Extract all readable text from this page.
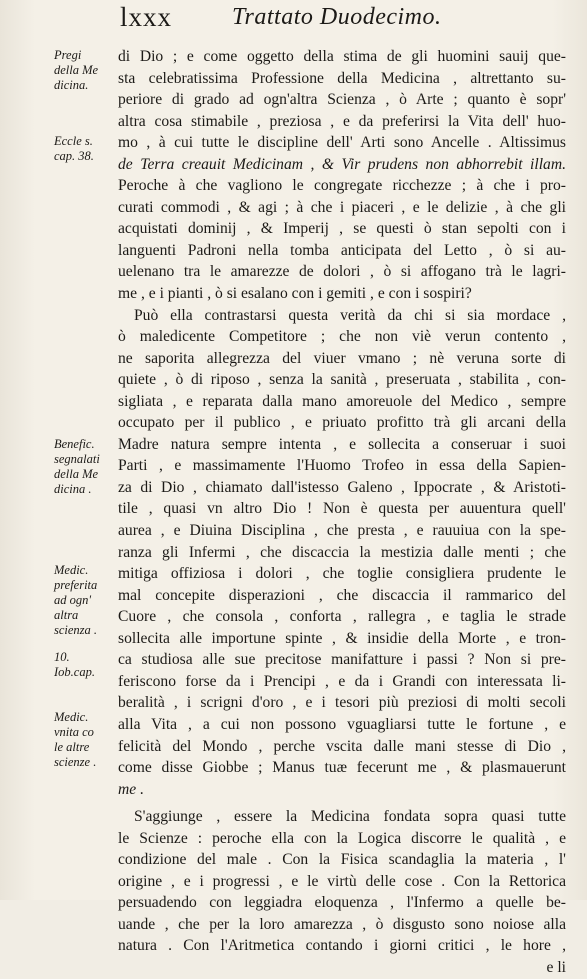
lxxx Trattato Duodecimo.
Pregi
della Me
dicina.
Eccle s.
cap. 38.
Benefic.
segnalati
della Me
dicina .
Medic.
preferita
ad ogn'
altra
scienza .
10.
Iob.cap.
Medic.
vnita co
le altre
scienze .
di Dio ; e come oggetto della stima de gli huomini sauij que-
sta celebratissima Professione della Medicina , altrettanto su-
periore di grado ad ogn'altra Scienza , ò Arte ; quanto è sopr'
altra cosa stimabile , preziosa , e da preferirsi la Vita dell' huo-
mo , à cui tutte le discipline dell' Arti sono Ancelle . Altissimus
de Terra creauit Medicinam , & Vir prudens non abhorrebit illam.
Peroche à che vagliono le congregate ricchezze ; à che i pro-
curati commodi , & agi ; à che i piaceri , e le delizie , à che gli
acquistati dominij , & Imperij , se questi ò stan sepolti con i
languenti Padroni nella tomba anticipata del Letto , ò si au-
uelenano tra le amarezze de dolori , ò si affogano trà le lagri-
me , e i pianti , ò si esalano con i gemiti , e con i sospiri?
Può ella contrastarsi questa verità da chi si sia mordace ,
ò maledicente Competitore ; che non viè verun contento ,
ne saporita allegrezza del viuer vmano ; nè veruna sorte di
quiete , ò di riposo , senza la sanità , preseruata , stabilita , con-
sigliata , e reparata dalla mano amoreuole del Medico , sempre
occupato per il publico , e priuato profitto trà gli arcani della
Madre natura sempre intenta , e sollecita a conseruar i suoi
Parti , e massimamente l'Huomo Trofeo in essa della Sapien-
za di Dio , chiamato dall'istesso Galeno , Ippocrate , & Aristoti-
tile , quasi vn altro Dio ! Non è questa per auuentura quell'
aurea , e Diuina Disciplina , che presta , e rauuiua con la spe-
ranza gli Infermi , che discaccia la mestizia dalle menti ; che
mitiga offiziosa i dolori , che toglie consigliera prudente le
mal concepite disperazioni , che discaccia il rammarico del
Cuore , che consola , conforta , rallegra , e taglia le strade
sollecita alle importune spinte , & insidie della Morte , e tron-
ca studiosa alle sue precitose manifatture i passi ? Non si pre-
feriscono forse da i Prencipi , e da i Grandi con interessata li-
beralità , i scrigni d'oro , e i tesori più preziosi di molti secoli
alla Vita , a cui non possono vguagliarsi tutte le fortune , e
felicità del Mondo , perche vscita dalle mani stesse di Dio ,
come disse Giobbe ; Manus tuæ fecerunt me , & plasmauerunt
me .
S'aggiunge , essere la Medicina fondata sopra quasi tutte
le Scienze : peroche ella con la Logica discorre le qualità , e
condizione del male . Con la Fisica scandaglia la materia , l'
origine , e i progressi , e le virtù delle cose . Con la Rettorica
persuadendo con leggiadra eloquenza , l'Infermo a quelle be-
uande , che per la loro amarezza , ò disgusto sono noiose alla
natura . Con l'Aritmetica contando i giorni critici , le hore ,
e li
